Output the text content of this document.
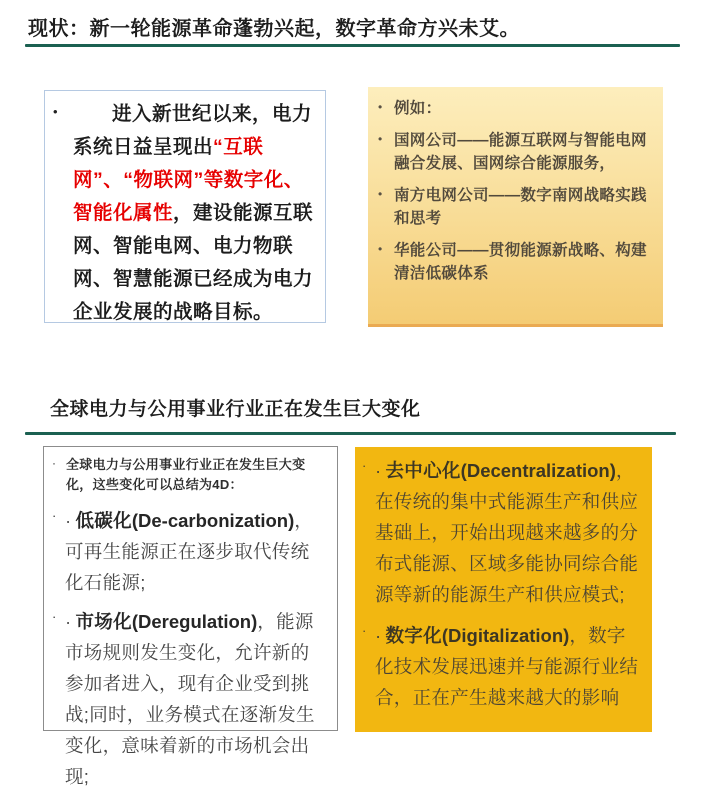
现状：新一轮能源革命蓬勃兴起，数字革命方兴未艾。
•	进入新世纪以来，电力系统日益呈现出“互联网”、“物联网”等数字化、智能化属性，建设能源互联网、智能电网、电力物联网、智慧能源已经成为电力企业发展的战略目标。
• 例如：
• 国网公司——能源互联网与智能电网融合发展、国网综合能源服务，
• 南方电网公司——数字南网战略实践和思考
• 华能公司——贯彻能源新战略、构建清洁低碳体系
全球电力与公用事业行业正在发生巨大变化
· 全球电力与公用事业行业正在发生巨大变化，这些变化可以总结为4D：
· · 低碳化(De-carbonization)，可再生能源正在逐步取代传统化石能源;
· · 市场化(Deregulation)，能源市场规则发生变化，允许新的参加者进入，现有企业受到挑战;同时，业务模式在逐渐发生变化，意味着新的市场机会出现;
· · 去中心化(Decentralization)，在传统的集中式能源生产和供应基础上，开始出现越来越多的分布式能源、区域多能协同综合能源等新的能源生产和供应模式;
· · 数字化(Digitalization)，数字化技术发展迅速并与能源行业结合，正在产生越来越大的影响
